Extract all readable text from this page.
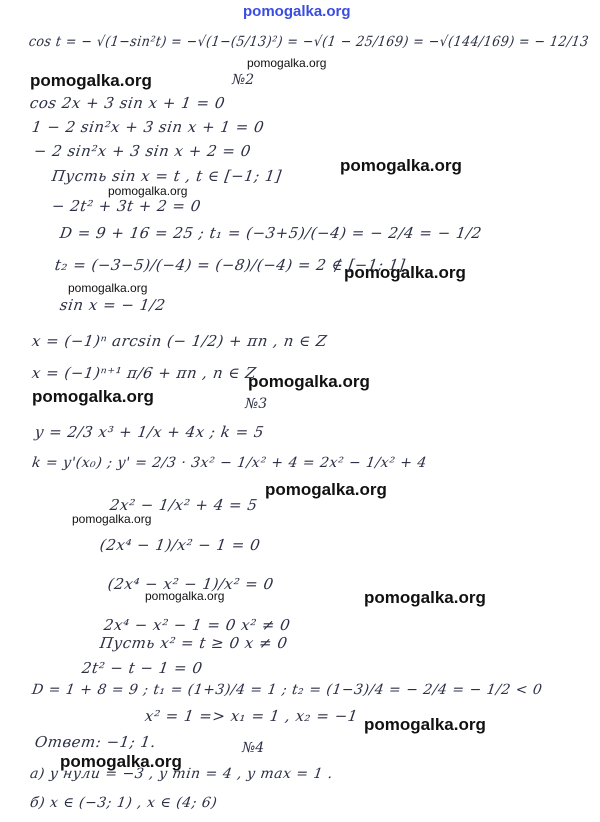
pomogalka.org
pomogalka.org
pomogalka.org
pomogalka.org
pomogalka.org
pomogalka.org
pomogalka.org
pomogalka.org
pomogalka.org
pomogalka.org
pomogalka.org
pomogalka.org	pomogalka.org
pomogalka.org
pomogalka.org
№2
№3
№4
cos t = − √(1−sin²t) = −√(1−(5/13)²) = −√(1 − 25/169) = −√(144/169) = − 12/13
cos 2x + 3 sin x + 1 = 0
1 − 2 sin²x + 3 sin x + 1 = 0
− 2 sin²x + 3 sin x + 2 = 0
Пусть sin x = t , t ∈ [−1; 1]
− 2t² + 3t + 2 = 0
D = 9 + 16 = 25 ; t₁ = (−3+5)/(−4) = − 2/4 = − 1/2
t₂ = (−3−5)/(−4) = (−8)/(−4) = 2 ∉ [−1; 1]
sin x = − 1/2
x = (−1)ⁿ arcsin (− 1/2) + πn , n ∈ Z
x = (−1)ⁿ⁺¹ π/6 + πn , n ∈ Z
y = 2/3 x³ + 1/x + 4x ; k = 5
k = y'(x₀) ; y' = 2/3 · 3x² − 1/x² + 4 = 2x² − 1/x² + 4
2x² − 1/x² + 4 = 5
(2x⁴ − 1)/x² − 1 = 0
(2x⁴ − x² − 1)/x² = 0
2x⁴ − x² − 1 = 0 x² ≠ 0
Пусть x² = t ≥ 0 x ≠ 0
2t² − t − 1 = 0
D = 1 + 8 = 9 ; t₁ = (1+3)/4 = 1 ; t₂ = (1−3)/4 = − 2/4 = − 1/2 < 0
x² = 1 => x₁ = 1 , x₂ = −1
Ответ: −1; 1.
а) y нули = −3 , y min = 4 , y max = 1 .
б) x ∈ (−3; 1) , x ∈ (4; 6)
